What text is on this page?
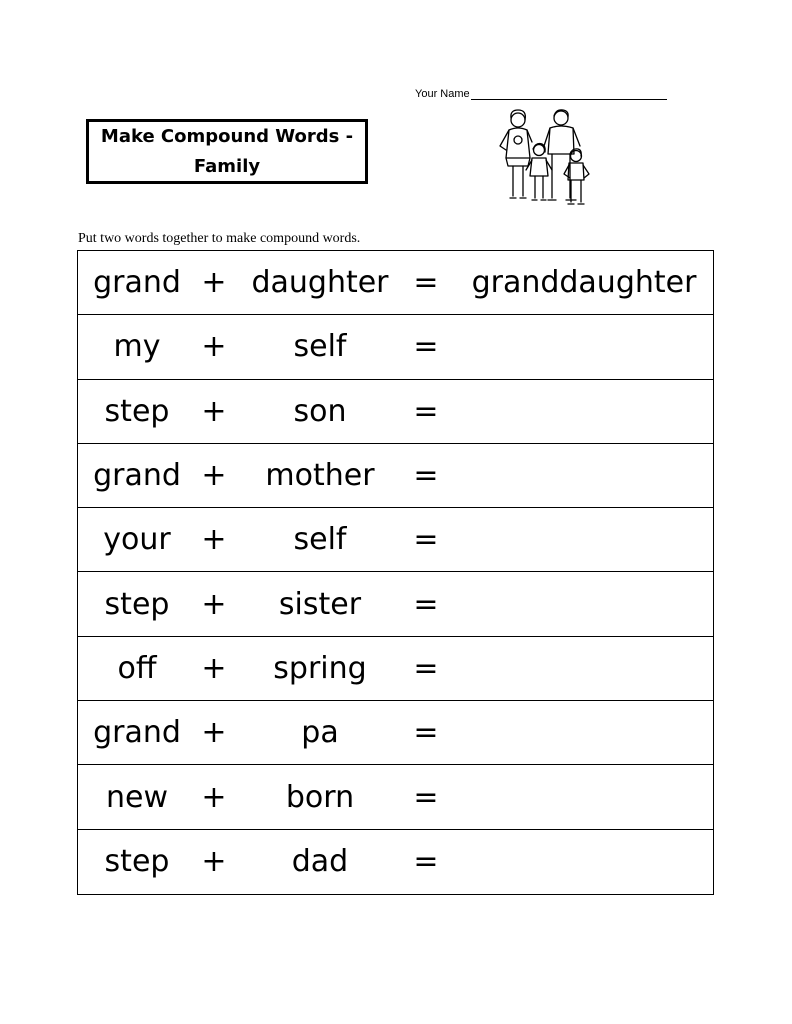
Your Name
Make Compound Words -
Family
Put two words together to make compound words.
grand + daughter = granddaughter
my	+	self	=
step	+	son	=
grand +	mother	=
your	+	self	=
step	+	sister	=
off	+	spring	=
grand +	pa	=
new	+	born	=
step	+	dad	=
